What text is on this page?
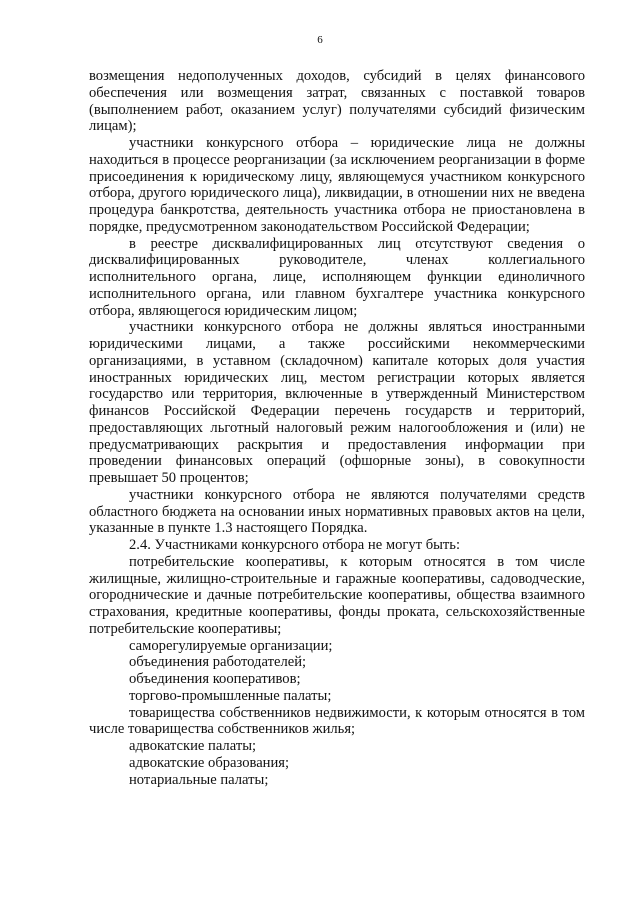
6

возмещения недополученных доходов, субсидий в целях финансового обеспечения или возмещения затрат, связанных с поставкой товаров (выполнением работ, оказанием услуг) получателями субсидий физическим лицам);

участники конкурсного отбора – юридические лица не должны находиться в процессе реорганизации (за исключением реорганизации в форме присоединения к юридическому лицу, являющемуся участником конкурсного отбора, другого юридического лица), ликвидации, в отношении них не введена процедура банкротства, деятельность участника отбора не приостановлена в порядке, предусмотренном законодательством Российской Федерации;

в реестре дисквалифицированных лиц отсутствуют сведения о дисквалифицированных руководителе, членах коллегиального исполнительного органа, лице, исполняющем функции единоличного исполнительного органа, или главном бухгалтере участника конкурсного отбора, являющегося юридическим лицом;

участники конкурсного отбора не должны являться иностранными юридическими лицами, а также российскими некоммерческими организациями, в уставном (складочном) капитале которых доля участия иностранных юридических лиц, местом регистрации которых является государство или территория, включенные в утвержденный Министерством финансов Российской Федерации перечень государств и территорий, предоставляющих льготный налоговый режим налогообложения и (или) не предусматривающих раскрытия и предоставления информации при проведении финансовых операций (офшорные зоны), в совокупности превышает 50 процентов;

участники конкурсного отбора не являются получателями средств областного бюджета на основании иных нормативных правовых актов на цели, указанные в пункте 1.3 настоящего Порядка.

2.4. Участниками конкурсного отбора не могут быть:

потребительские кооперативы, к которым относятся в том числе жилищные, жилищно-строительные и гаражные кооперативы, садоводческие, огороднические и дачные потребительские кооперативы, общества взаимного страхования, кредитные кооперативы, фонды проката, сельскохозяйственные потребительские кооперативы;

саморегулируемые организации;

объединения работодателей;

объединения кооперативов;

торгово-промышленные палаты;

товарищества собственников недвижимости, к которым относятся в том числе товарищества собственников жилья;

адвокатские палаты;

адвокатские образования;

нотариальные палаты;
